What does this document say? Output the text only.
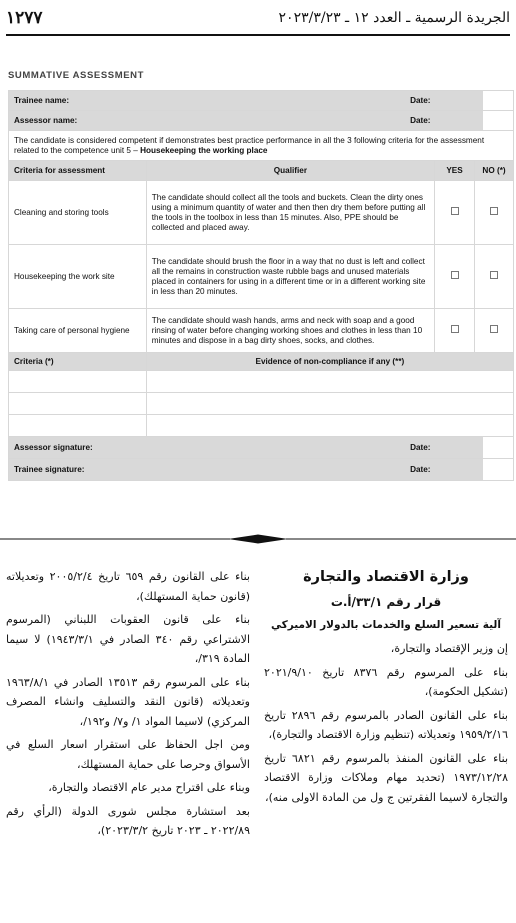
الجريدة الرسمية ـ العدد ١٢ ـ ٢٠٢٣/٣/٢٣
١٢٧٧
SUMMATIVE ASSESSMENT
Trainee name:	Date:
Assessor name:	Date:
The candidate is considered competent if demonstrates best practice performance in all the 3 following criteria for the assessment related to the competence unit 5 – Housekeeping the working place
Criteria for assessment	Qualifier	YES	NO (*)
Cleaning and storing tools	The candidate should collect all the tools and buckets. Clean the dirty ones using a minimum quantity of water and then then dry them before putting all the tools in the toolbox in less than 15 minutes. Also, PPE should be collected and placed away.		
Housekeeping the work site	The candidate should brush the floor in a way that no dust is left and collect all the remains in construction waste rubble bags and unused materials placed in containers for using in a different time or in a different working site in less than 20 minutes.		
Taking care of personal hygiene	The candidate should wash hands, arms and neck with soap and a good rinsing of water before changing working shoes and clothes in less than 10 minutes and dispose in a bag dirty shoes, socks, and clothes.		
Criteria (*)	Evidence of non-compliance if any (**)

Assessor signature:	Date:
Trainee signature:	Date:

وزارة الاقتصاد والتجارة

قرار رقم ٣٣/١/أ.ت

آلية تسعير السلع والخدمات بالدولار الاميركي

إن وزير الإقتصاد والتجارة،

بناء على المرسوم رقم ٨٣٧٦ تاريخ ٢٠٢١/٩/١٠ (تشكيل الحكومة)،

بناء على القانون الصادر بالمرسوم رقم ٢٨٩٦ تاريخ ١٩٥٩/٢/١٦ وتعديلاته (تنظيم وزارة الاقتصاد والتجارة)،

بناء على القانون المنفذ بالمرسوم رقم ٦٨٢١ تاريخ ١٩٧٣/١٢/٢٨ (تحديد مهام وملاكات وزارة الاقتصاد والتجارة لاسيما الفقرتين ج ول من المادة الاولى منه)،

بناء على القانون رقم ٦٥٩ تاريخ ٢٠٠٥/٢/٤ وتعديلاته (قانون حماية المستهلك)،

بناء على قانون العقوبات اللبناني (المرسوم الاشتراعي رقم ٣٤٠ الصادر في ١٩٤٣/٣/١) لا سيما المادة ٣١٩/،

بناء على المرسوم رقم ١٣٥١٣ الصادر في ١٩٦٣/٨/١ وتعديلاته (قانون النقد والتسليف وانشاء المصرف المركزي) لاسيما المواد ١/ و٧/ و١٩٢/،

ومن اجل الحفاظ على استقرار اسعار السلع في الأسواق وحرصا على حماية المستهلك،

وبناء على اقتراح مدير عام الاقتصاد والتجارة،

بعد استشارة مجلس شورى الدولة (الرأي رقم ٢٠٢٢/٨٩ ـ ٢٠٢٣ تاريخ ٢٠٢٣/٣/٢)،
